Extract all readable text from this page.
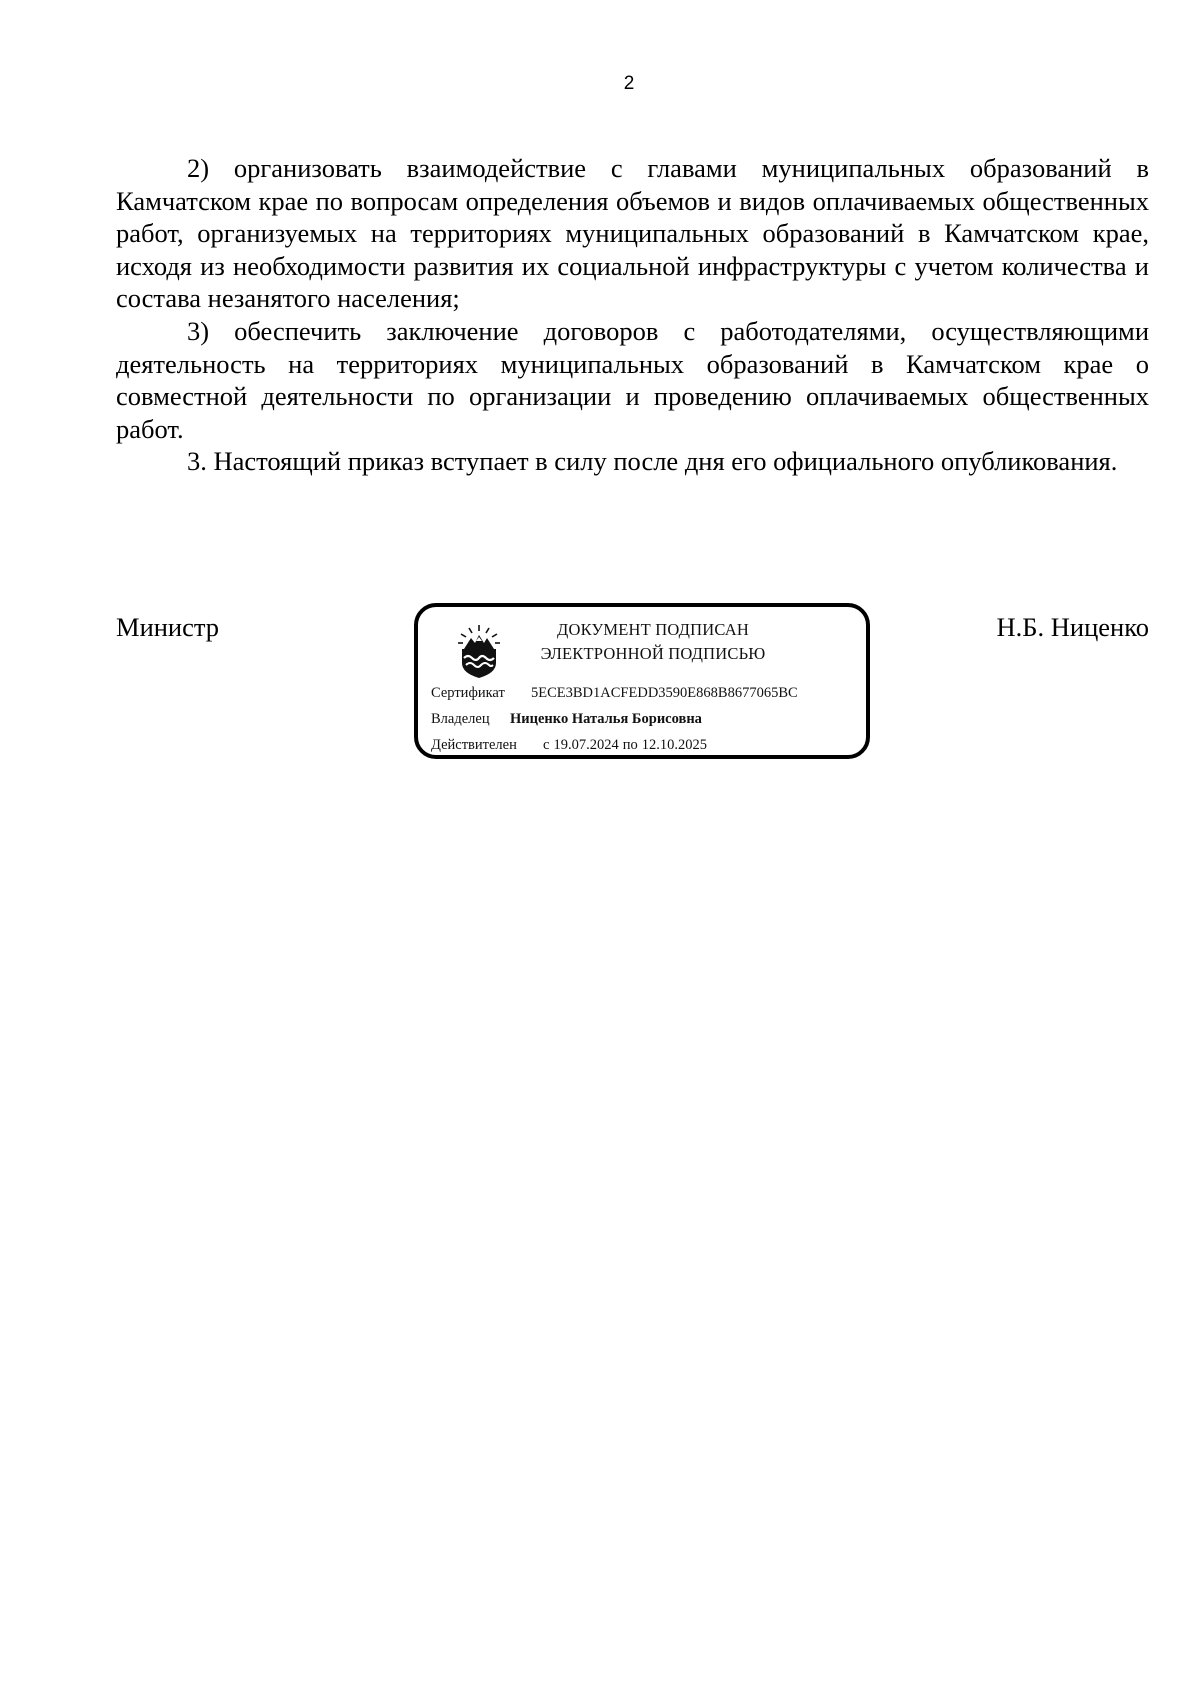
2

2) организовать взаимодействие с главами муниципальных образований в Камчатском крае по вопросам определения объемов и видов оплачиваемых общественных работ, организуемых на территориях муниципальных образований в Камчатском крае, исходя из необходимости развития их социальной инфраструктуры с учетом количества и состава незанятого населения;

3) обеспечить заключение договоров с работодателями, осуществляющими деятельность на территориях муниципальных образований в Камчатском крае о совместной деятельности по организации и проведению оплачиваемых общественных работ.

3. Настоящий приказ вступает в силу после дня его официального опубликования.

Министр	Н.Б. Ниценко
ДОКУМЕНТ ПОДПИСАН
ЭЛЕКТРОННОЙ ПОДПИСЬЮ
Сертификат 5ECE3BD1ACFEDD3590E868B8677065BC
Владелец Ниценко Наталья Борисовна
Действителен с 19.07.2024 по 12.10.2025
